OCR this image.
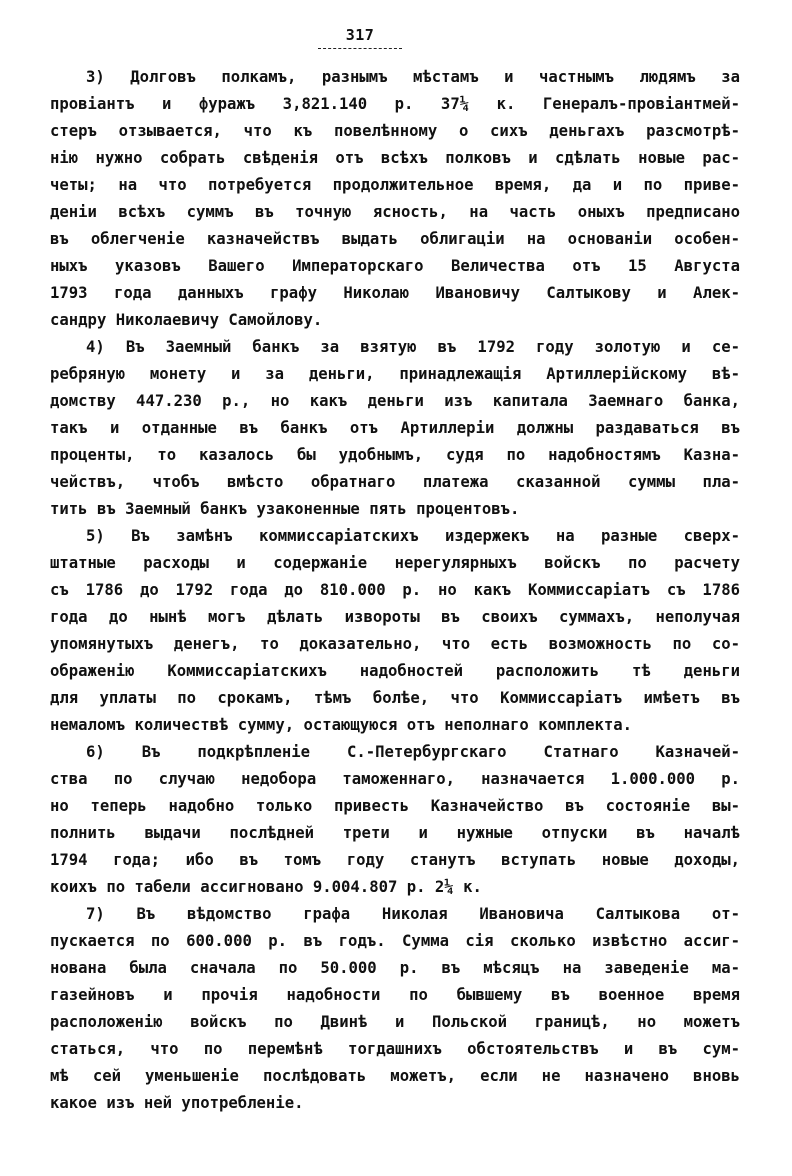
317
3) Долговъ полкамъ, разнымъ мѣстамъ и частнымъ людямъ за
провіантъ и фуражъ 3,821.140 р. 37¼ к. Генералъ-провіантмей-
стеръ отзывается, что къ повелѣнному о сихъ деньгахъ разсмотрѣ-
нію нужно собрать свѣденія отъ всѣхъ полковъ и сдѣлать новые рас-
четы; на что потребуется продолжительное время, да и по приве-
деніи всѣхъ суммъ въ точную ясность, на часть оныхъ предписано
въ облегченіе казначействъ выдать облигаціи на основаніи особен-
ныхъ указовъ Вашего Императорскаго Величества отъ 15 Августа
1793 года данныхъ графу Николаю Ивановичу Салтыкову и Алек-
сандру Николаевичу Самойлову.
4) Въ Заемный банкъ за взятую въ 1792 году золотую и се-
ребряную монету и за деньги, принадлежащія Артиллерійскому вѣ-
домству 447.230 р., но какъ деньги изъ капитала Заемнаго банка,
такъ и отданные въ банкъ отъ Артиллеріи должны раздаваться въ
проценты, то казалось бы удобнымъ, судя по надобностямъ Казна-
чействъ, чтобъ вмѣсто обратнаго платежа сказанной суммы пла-
тить въ Заемный банкъ узаконенные пять процентовъ.
5) Въ замѣнъ коммиссаріатскихъ издержекъ на разные сверх-
штатные расходы и содержаніе нерегулярныхъ войскъ по расчету
съ 1786 до 1792 года до 810.000 р. но какъ Коммиссаріатъ съ 1786
года до нынѣ могъ дѣлать извороты въ своихъ суммахъ, неполучая
упомянутыхъ денегъ, то доказательно, что есть возможность по со-
ображенію Коммиссаріатскихъ надобностей расположить тѣ деньги
для уплаты по срокамъ, тѣмъ болѣе, что Коммиссаріатъ имѣетъ въ
немаломъ количествѣ сумму, остающуюся отъ неполнаго комплекта.
6) Въ подкрѣпленіе С.-Петербургскаго Статнаго Казначей-
ства по случаю недобора таможеннаго, назначается 1.000.000 р.
но теперь надобно только привесть Казначейство въ состояніе вы-
полнить выдачи послѣдней трети и нужные отпуски въ началѣ
1794 года; ибо въ томъ году станутъ вступать новые доходы,
коихъ по табели ассигновано 9.004.807 р. 2¼ к.
7) Въ вѣдомство графа Николая Ивановича Салтыкова от-
пускается по 600.000 р. въ годъ. Сумма сія сколько извѣстно ассиг-
нована была сначала по 50.000 р. въ мѣсяцъ на заведеніе ма-
газейновъ и прочія надобности по бывшему въ военное время
расположенію войскъ по Двинѣ и Польской границѣ, но можетъ
статься, что по перемѣнѣ тогдашнихъ обстоятельствъ и въ сум-
мѣ сей уменьшеніе послѣдовать можетъ, если не назначено вновь
какое изъ ней употребленіе.
